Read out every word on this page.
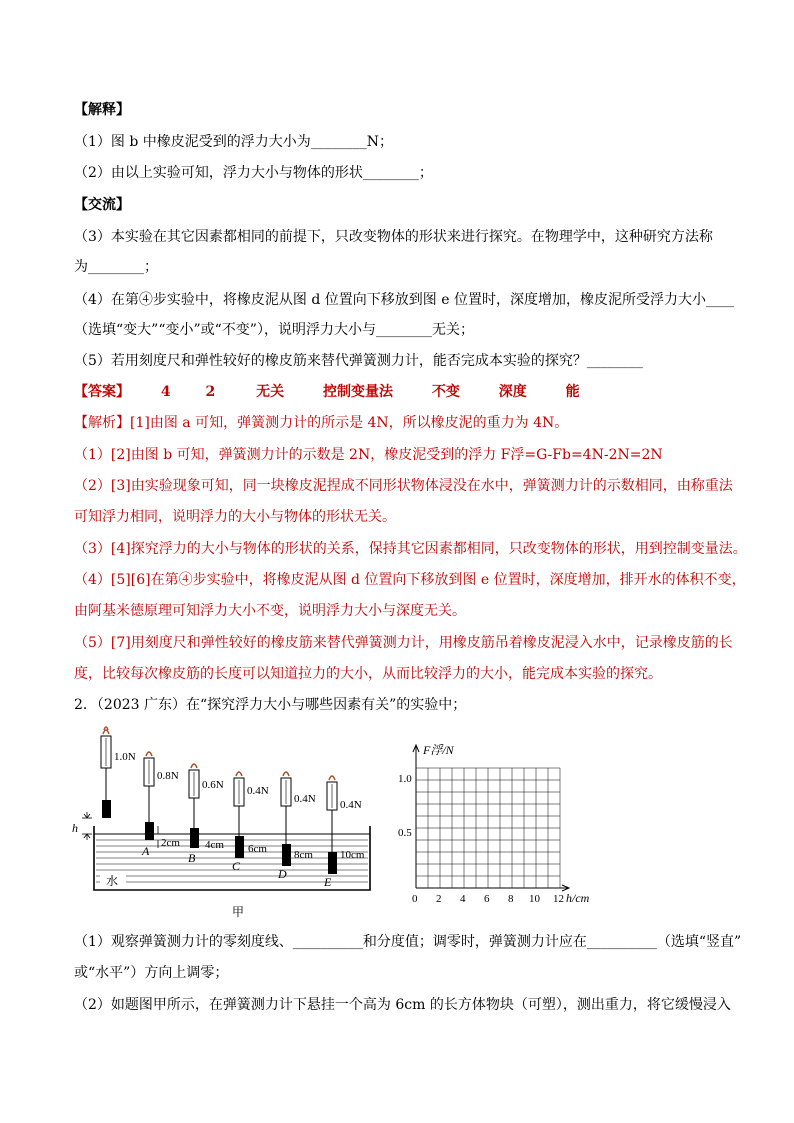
【解释】
（1）图 b 中橡皮泥受到的浮力大小为________N；
（2）由以上实验可知，浮力大小与物体的形状________；
【交流】
（3）本实验在其它因素都相同的前提下，只改变物体的形状来进行探究。在物理学中，这种研究方法称
为________；
（4）在第④步实验中，将橡皮泥从图 d 位置向下移放到图 e 位置时，深度增加，橡皮泥所受浮力大小____
（选填“变大”“变小”或“不变”），说明浮力大小与________无关；
（5）若用刻度尺和弹性较好的橡皮筋来替代弹簧测力计，能否完成本实验的探究？________
【答案】 4 2	无关	控制变量法	不变	深度	能
【解析】[1]由图 a 可知，弹簧测力计的所示是 4N，所以橡皮泥的重力为 4N。
（1）[2]由图 b 可知，弹簧测力计的示数是 2N，橡皮泥受到的浮力 F浮=G-Fb=4N-2N=2N
（2）[3]由实验现象可知，同一块橡皮泥捏成不同形状物体浸没在水中，弹簧测力计的示数相同，由称重法
可知浮力相同，说明浮力的大小与物体的形状无关。
（3）[4]探究浮力的大小与物体的形状的关系，保持其它因素都相同，只改变物体的形状，用到控制变量法。
（4）[5][6]在第④步实验中，将橡皮泥从图 d 位置向下移放到图 e 位置时，深度增加，排开水的体积不变，
由阿基米德原理可知浮力大小不变，说明浮力大小与深度无关。
（5）[7]用刻度尺和弹性较好的橡皮筋来替代弹簧测力计，用橡皮筋吊着橡皮泥浸入水中，记录橡皮筋的长
度，比较每次橡皮筋的长度可以知道拉力的大小，从而比较浮力的大小，能完成本实验的探究。
2．（2023 广东）在“探究浮力大小与哪些因素有关”的实验中；
水
h
1.0N
0.8N
2cm
A
0.6N
4cm
B
0.4N
6cm
C
0.4N
8cm
D
0.4N
10cm
E
甲
F浮/N
1.0
0.5
0 2 4 6 8 10 12 h/cm
（1）观察弹簧测力计的零刻度线、__________和分度值；调零时，弹簧测力计应在__________（选填“竖直”
或“水平”）方向上调零；
（2）如题图甲所示，在弹簧测力计下悬挂一个高为 6cm 的长方体物块（可塑），测出重力，将它缓慢浸入
